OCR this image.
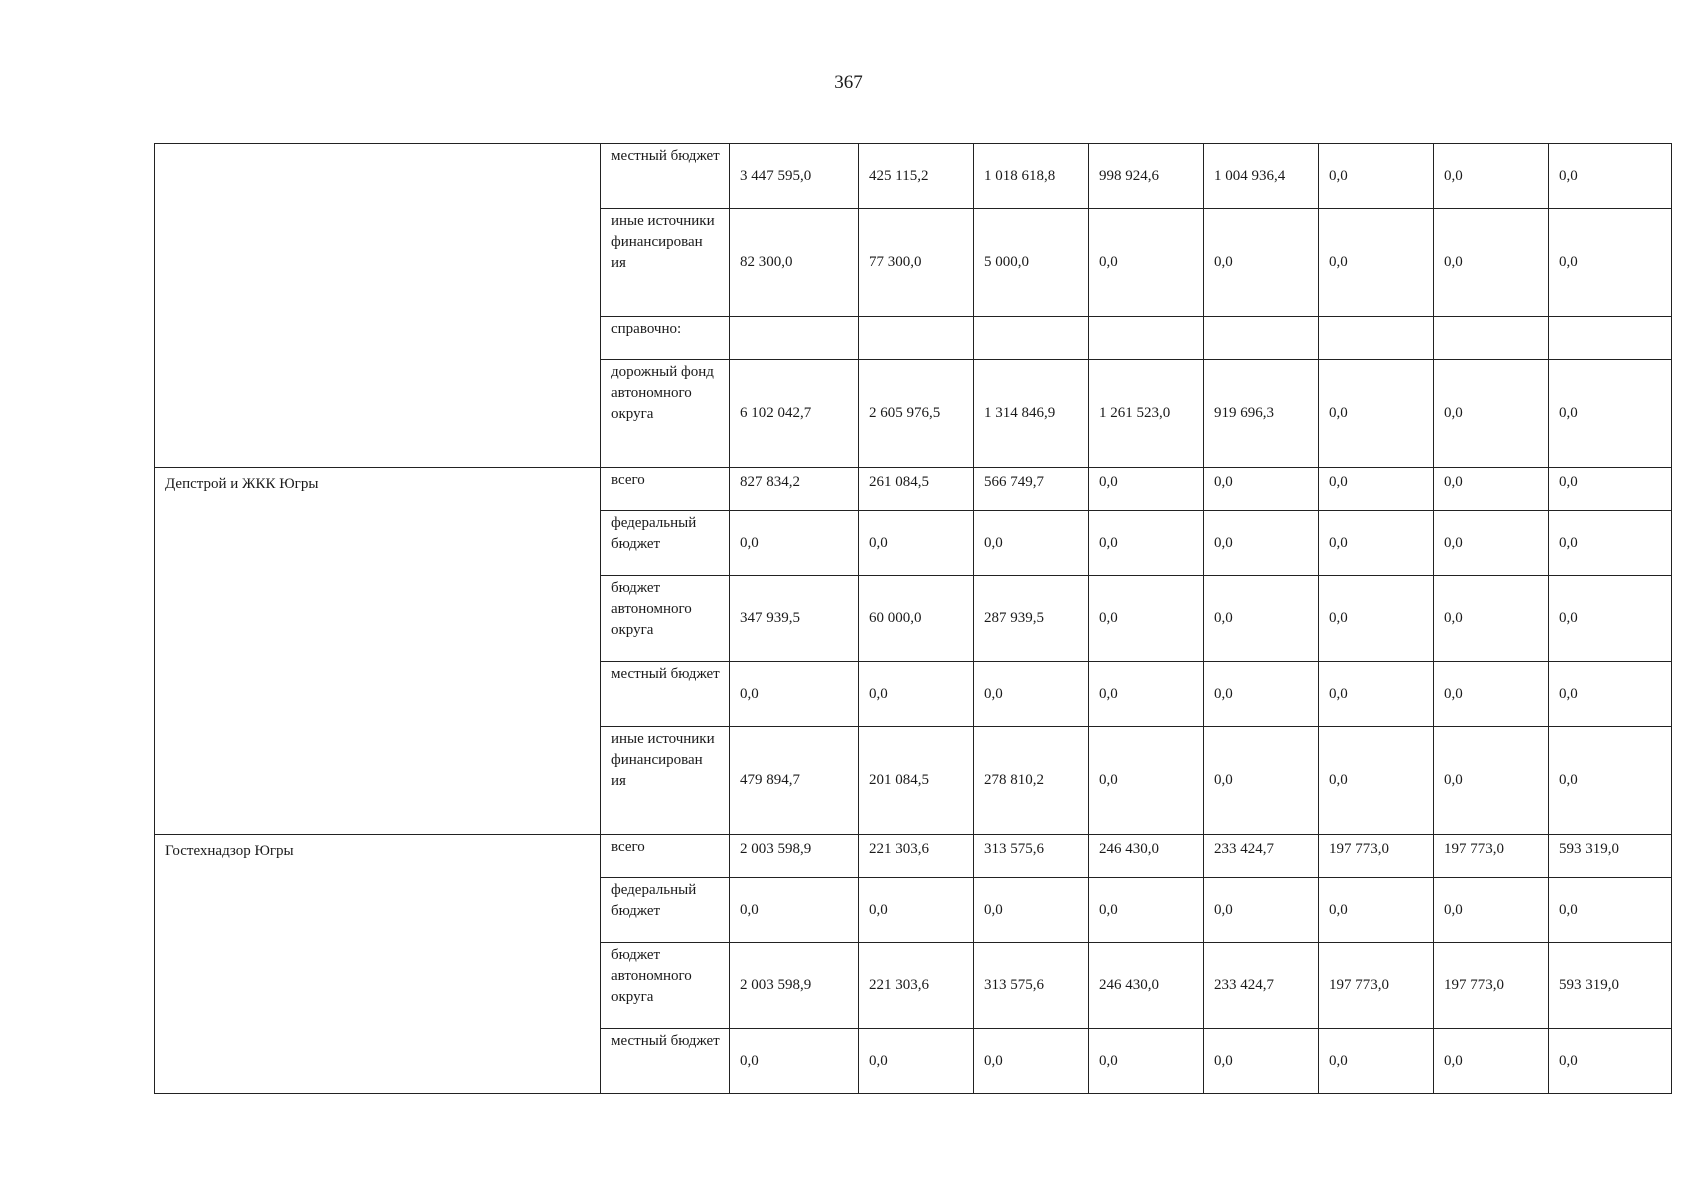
367
	местный бюджет	3 447 595,0	425 115,2	1 018 618,8	998 924,6	1 004 936,4	0,0	0,0	0,0
	иные источники финансирован ия	82 300,0	77 300,0	5 000,0	0,0	0,0	0,0	0,0	0,0
	справочно:								
	дорожный фонд автономного округа	6 102 042,7	2 605 976,5	1 314 846,9	1 261 523,0	919 696,3	0,0	0,0	0,0
Депстрой и ЖКК Югры	всего	827 834,2	261 084,5	566 749,7	0,0	0,0	0,0	0,0	0,0
	федеральный бюджет	0,0	0,0	0,0	0,0	0,0	0,0	0,0	0,0
	бюджет автономного округа	347 939,5	60 000,0	287 939,5	0,0	0,0	0,0	0,0	0,0
	местный бюджет	0,0	0,0	0,0	0,0	0,0	0,0	0,0	0,0
	иные источники финансирован ия	479 894,7	201 084,5	278 810,2	0,0	0,0	0,0	0,0	0,0
Гостехнадзор Югры	всего	2 003 598,9	221 303,6	313 575,6	246 430,0	233 424,7	197 773,0	197 773,0	593 319,0
	федеральный бюджет	0,0	0,0	0,0	0,0	0,0	0,0	0,0	0,0
	бюджет автономного округа	2 003 598,9	221 303,6	313 575,6	246 430,0	233 424,7	197 773,0	197 773,0	593 319,0
	местный бюджет	0,0	0,0	0,0	0,0	0,0	0,0	0,0	0,0
